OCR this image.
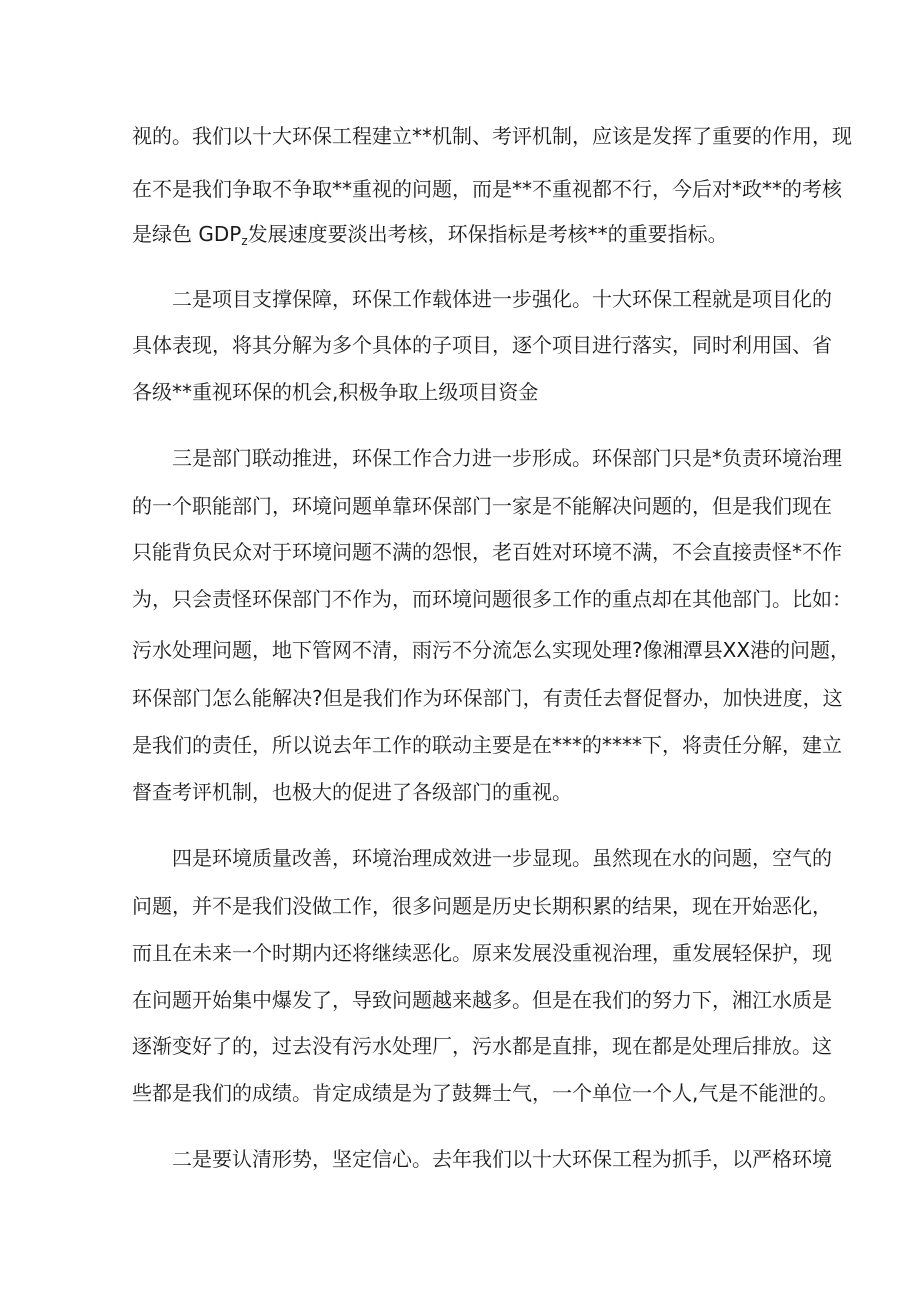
视的。我们以十大环保工程建立**机制、考评机制，应该是发挥了重要的作用，现
在不是我们争取不争取**重视的问题，而是**不重视都不行，今后对*政**的考核
是绿色 $GDP_z$发展速度要淡出考核，环保指标是考核**的重要指标。
二是项目支撑保障，环保工作载体进一步强化。十大环保工程就是项目化的
具体表现，将其分解为多个具体的子项目，逐个项目进行落实，同时利用国、省
各级**重视环保的机会,积极争取上级项目资金
三是部门联动推进，环保工作合力进一步形成。环保部门只是*负责环境治理
的一个职能部门，环境问题单靠环保部门一家是不能解决问题的，但是我们现在
只能背负民众对于环境问题不满的怨恨，老百姓对环境不满，不会直接责怪*不作
为，只会责怪环保部门不作为，而环境问题很多工作的重点却在其他部门。比如：
污水处理问题，地下管网不清，雨污不分流怎么实现处理?像湘潭县XX港的问题，
环保部门怎么能解决?但是我们作为环保部门，有责任去督促督办，加快进度，这
是我们的责任，所以说去年工作的联动主要是在***的****下，将责任分解，建立
督查考评机制，也极大的促进了各级部门的重视。
四是环境质量改善，环境治理成效进一步显现。虽然现在水的问题，空气的
问题，并不是我们没做工作，很多问题是历史长期积累的结果，现在开始恶化，
而且在未来一个时期内还将继续恶化。原来发展没重视治理，重发展轻保护，现
在问题开始集中爆发了，导致问题越来越多。但是在我们的努力下，湘江水质是
逐渐变好了的，过去没有污水处理厂，污水都是直排，现在都是处理后排放。这
些都是我们的成绩。肯定成绩是为了鼓舞士气，一个单位一个人,气是不能泄的。
二是要认清形势，坚定信心。去年我们以十大环保工程为抓手，以严格环境
